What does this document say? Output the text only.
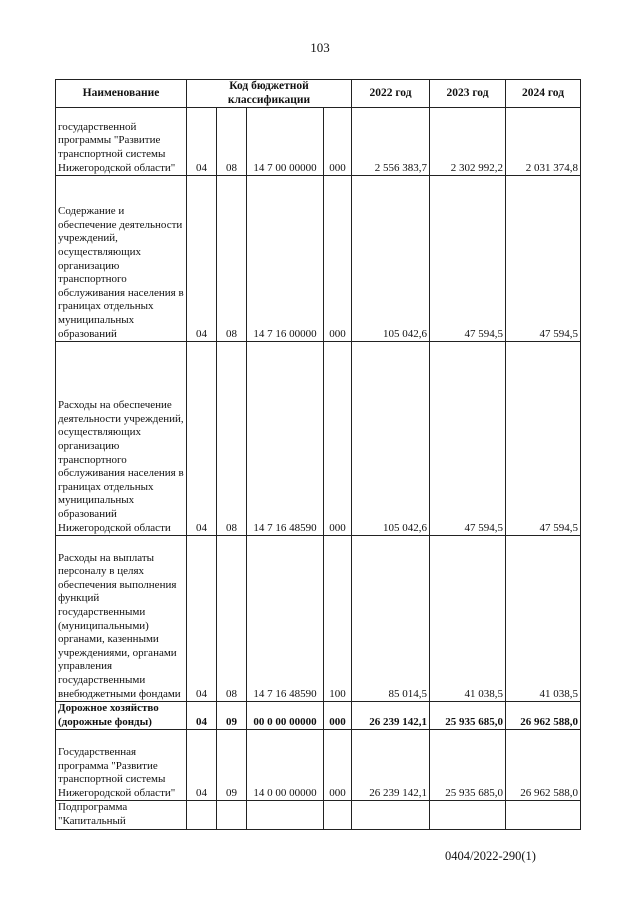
103
Наименование	Код бюджетной классификации				2022 год	2023 год	2024 год
государственной программы "Развитие транспортной системы Нижегородской области"	04	08	14 7 00 00000	000	2 556 383,7	2 302 992,2	2 031 374,8
Содержание и обеспечение деятельности учреждений, осуществляющих организацию транспортного обслуживания населения в границах отдельных муниципальных образований	04	08	14 7 16 00000	000	105 042,6	47 594,5	47 594,5
Расходы на обеспечение деятельности учреждений, осуществляющих организацию транспортного обслуживания населения в границах отдельных муниципальных образований Нижегородской области	04	08	14 7 16 48590	000	105 042,6	47 594,5	47 594,5
Расходы на выплаты персоналу в целях обеспечения выполнения функций государственными (муниципальными) органами, казенными учреждениями, органами управления государственными внебюджетными фондами	04	08	14 7 16 48590	100	85 014,5	41 038,5	41 038,5
Дорожное хозяйство (дорожные фонды)	04	09	00 0 00 00000	000	26 239 142,1	25 935 685,0	26 962 588,0
Государственная программа "Развитие транспортной системы Нижегородской области"	04	09	14 0 00 00000	000	26 239 142,1	25 935 685,0	26 962 588,0
Подпрограмма "Капитальный							
0404/2022-290(1)
